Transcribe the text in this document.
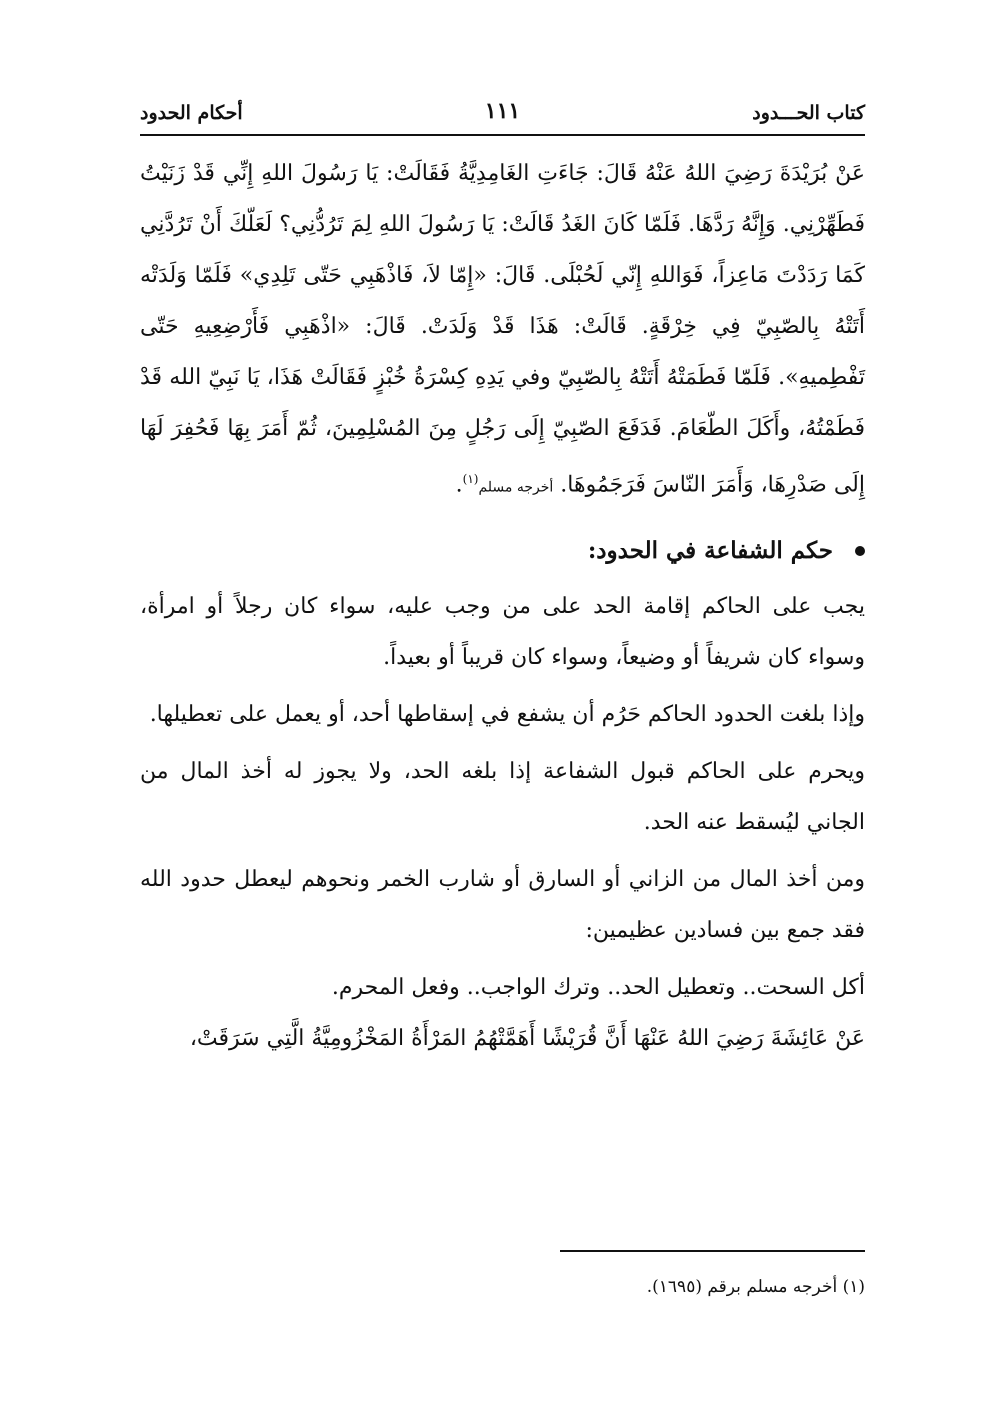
كتاب الحـــدود
١١١
أحكام الحدود

عَنْ بُرَيْدَةَ رَضِيَ اللهُ عَنْهُ قَالَ: جَاءَتِ الغَامِدِيَّةُ فَقَالَتْ: يَا رَسُولَ اللهِ إِنِّي قَدْ زَنَيْتُ فَطَهِّرْنِي. وَإِنَّهُ رَدَّهَا. فَلَمّا كَانَ الغَدُ قَالَتْ: يَا رَسُولَ اللهِ لِمَ تَرُدُّنِي؟ لَعَلّكَ أَنْ تَرُدَّنِي كَمَا رَدَدْتَ مَاعِزاً، فَوَاللهِ إِنّي لَحُبْلَى. قَالَ: «إِمّا لاَ، فَاذْهَبِي حَتّى تَلِدِي» فَلَمّا وَلَدَتْه أَتَتْهُ بِالصّبِيّ فِي خِرْقَةٍ. قَالَتْ: هَذَا قَدْ وَلَدَتْ. قَالَ: «اذْهَبِي فَأَرْضِعِيهِ حَتّى تَفْطِميهِ». فَلَمّا فَطَمَتْهُ أَتَتْهُ بِالصّبِيّ وفي يَدِهِ كِسْرَةُ خُبْزٍ فَقَالَتْ هَذَا، يَا نَبِيّ الله قَدْ فَطَمْتُهُ، وأَكَلَ الطّعَامَ. فَدَفَعَ الصّبِيّ إِلَى رَجُلٍ مِنَ المُسْلِمِينَ، ثُمّ أَمَرَ بِهَا فَحُفِرَ لَهَا إِلَى صَدْرِهَا، وَأَمَرَ النّاسَ فَرَجَمُوهَا. أخرجه مسلم$^{(١)}$.

حكم الشفاعة في الحدود:

يجب على الحاكم إقامة الحد على من وجب عليه، سواء كان رجلاً أو امرأة، وسواء كان شريفاً أو وضيعاً، وسواء كان قريباً أو بعيداً.

وإذا بلغت الحدود الحاكم حَرُم أن يشفع في إسقاطها أحد، أو يعمل على تعطيلها.

ويحرم على الحاكم قبول الشفاعة إذا بلغه الحد، ولا يجوز له أخذ المال من الجاني ليُسقط عنه الحد.

ومن أخذ المال من الزاني أو السارق أو شارب الخمر ونحوهم ليعطل حدود الله فقد جمع بين فسادين عظيمين:

أكل السحت.. وتعطيل الحد.. وترك الواجب.. وفعل المحرم.

عَنْ عَائِشَةَ رَضِيَ اللهُ عَنْهَا أَنَّ قُرَيْشًا أَهَمَّتْهُمُ المَرْأَةُ المَخْزُومِيَّةُ الَّتِي سَرَقَتْ،

(١) أخرجه مسلم برقم (١٦٩٥).
